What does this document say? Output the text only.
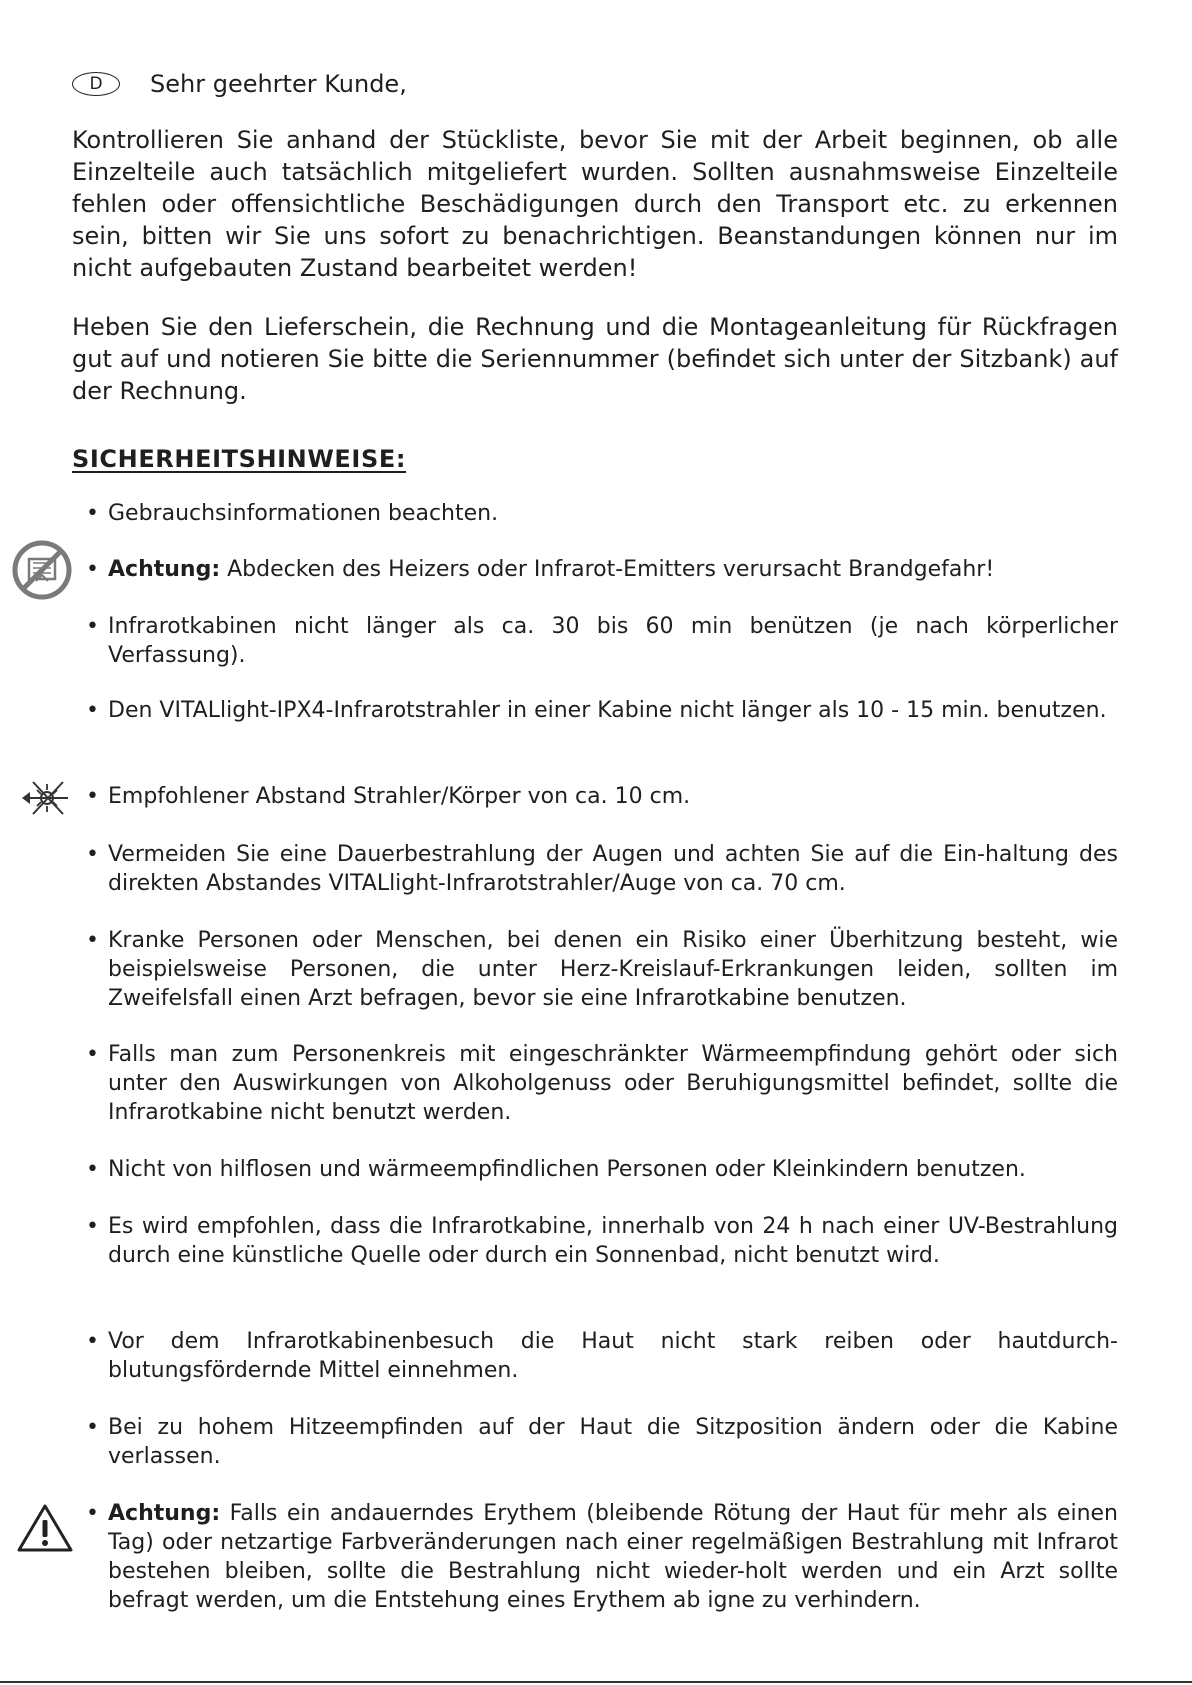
D Sehr geehrter Kunde,

Kontrollieren Sie anhand der Stückliste, bevor Sie mit der Arbeit beginnen, ob alle Einzelteile auch tatsächlich mitgeliefert wurden. Sollten ausnahmsweise Einzelteile fehlen oder offensichtliche Beschädigungen durch den Transport etc. zu erkennen sein, bitten wir Sie uns sofort zu benachrichtigen. Beanstandungen können nur im nicht aufgebauten Zustand bearbeitet werden!

Heben Sie den Lieferschein, die Rechnung und die Montageanleitung für Rückfragen gut auf und notieren Sie bitte die Seriennummer (befindet sich unter der Sitzbank) auf der Rechnung.

SICHERHEITSHINWEISE:
• Gebrauchsinformationen beachten.
• Achtung: Abdecken des Heizers oder Infrarot-Emitters verursacht Brandgefahr!
• Infrarotkabinen nicht länger als ca. 30 bis 60 min benützen (je nach körperlicher Verfassung).
• Den VITALlight-IPX4-Infrarotstrahler in einer Kabine nicht länger als 10 - 15 min. benutzen.
• Empfohlener Abstand Strahler/Körper von ca. 10 cm.
• Vermeiden Sie eine Dauerbestrahlung der Augen und achten Sie auf die Ein-haltung des direkten Abstandes VITALlight-Infrarotstrahler/Auge von ca. 70 cm.
• Kranke Personen oder Menschen, bei denen ein Risiko einer Überhitzung besteht, wie beispielsweise Personen, die unter Herz-Kreislauf-Erkrankungen leiden, sollten im Zweifelsfall einen Arzt befragen, bevor sie eine Infrarotkabine benutzen.
• Falls man zum Personenkreis mit eingeschränkter Wärmeempfindung gehört oder sich unter den Auswirkungen von Alkoholgenuss oder Beruhigungsmittel befindet, sollte die Infrarotkabine nicht benutzt werden.
• Nicht von hilflosen und wärmeempfindlichen Personen oder Kleinkindern benutzen.
• Es wird empfohlen, dass die Infrarotkabine, innerhalb von 24 h nach einer UV-Bestrahlung durch eine künstliche Quelle oder durch ein Sonnenbad, nicht benutzt wird.
• Vor dem Infrarotkabinenbesuch die Haut nicht stark reiben oder hautdurch-blutungsfördernde Mittel einnehmen.
• Bei zu hohem Hitzeempfinden auf der Haut die Sitzposition ändern oder die Kabine verlassen.
• Achtung: Falls ein andauerndes Erythem (bleibende Rötung der Haut für mehr als einen Tag) oder netzartige Farbveränderungen nach einer regelmäßigen Bestrahlung mit Infrarot bestehen bleiben, sollte die Bestrahlung nicht wieder-holt werden und ein Arzt sollte befragt werden, um die Entstehung eines Erythem ab igne zu verhindern.
